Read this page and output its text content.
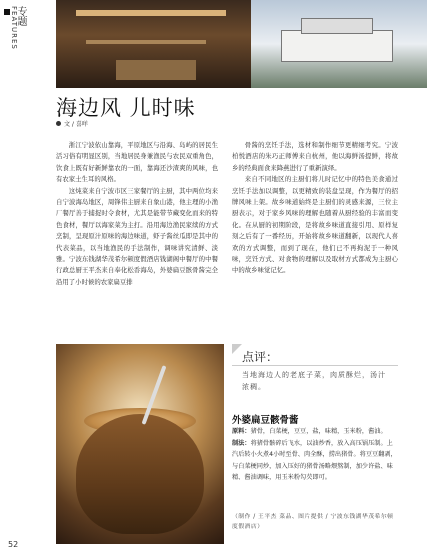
FEATURES
专题
海边风 儿时味
文 / 喜咩

浙江宁波依山靠海，平原地区与沿海、岛屿的居民生活习俗有明显区别，当地居民身兼渔民与农民双重角色，饮食上既有好新鲜靠农的一面，靠海还沙渣爽的风味，也有农家土生耳的风格。

这炖菜来自宁波市区三家餐厅的主厨，其中两位均来自宁波海岛地区，周锋伟主厨来自象山港，他主理的小渔厂餐厅善于捕捉时令食材，尤其是能带节藏变化而来的特色食材，餐厅以海家菜为主打。沿用海边渔民家续的方式烹制，呈现原汁原味的海边味道，虾子酱丝瓜即是其中的代表菜品，以当地渔民的手法制作，调味讲究清鲜、淡雅。宁波东钱湖华茂希尔顿度假酒店钱湖阁中餐厅的中餐行政总厨王平杰来自奉化松岙海岛，外婆扁豆骸骨酱完全沿用了小时候的农家扁豆排

骨酱的烹饪手法，选材和制作细节更精细考究。宁波柏悦酒店的朱巧正师傅来自杭州，他以海鲜汤提鲜，将故乡的经典面食来降燕进行了重新演绎。

来自不同地区的主厨们将儿时记忆中的特色美食通过烹饪手法加以调整，以更精致的装盘呈现，作为餐厅的招牌风味上架。故乡味道始终是主厨们的灵感来源，三位主厨表示，对于家乡风味的理解也随着从厨经验的丰富而变化。在从厨的初期阶段，是将故乡味道直接引用、原样复刻之后有了一番经历，开始将故乡味道翻新，以现代人喜欢的方式调整，而到了现在，他们已不再拘泥于一种风味，烹饪方式、对食物的理解以及取材方式都成为主厨心中的故乡味觉记忆。

点评：
当地海边人的老底子菜，肉质酥烂，汤汁浓稠。
外婆扁豆骸骨酱

原料：猪骨，白菜梗，豆豆，盐，味精，玉米粉，酱油。

制法：将猪骨骸碎后飞水，以油炒香，放入高压锅压制。上汽后转小火煮4小时至骨、肉全酥，捞出猪骨。将豆豆翻剥，与白菜梗同炒，加入压好的猪骨汤略煨熬制，加少许盐、味精、酱油调味，用玉米粉勾芡即可。

（制作 / 王平杰 菜品、图片提供 / 宁波东钱湖华茂希尔顿度假酒店）
52
